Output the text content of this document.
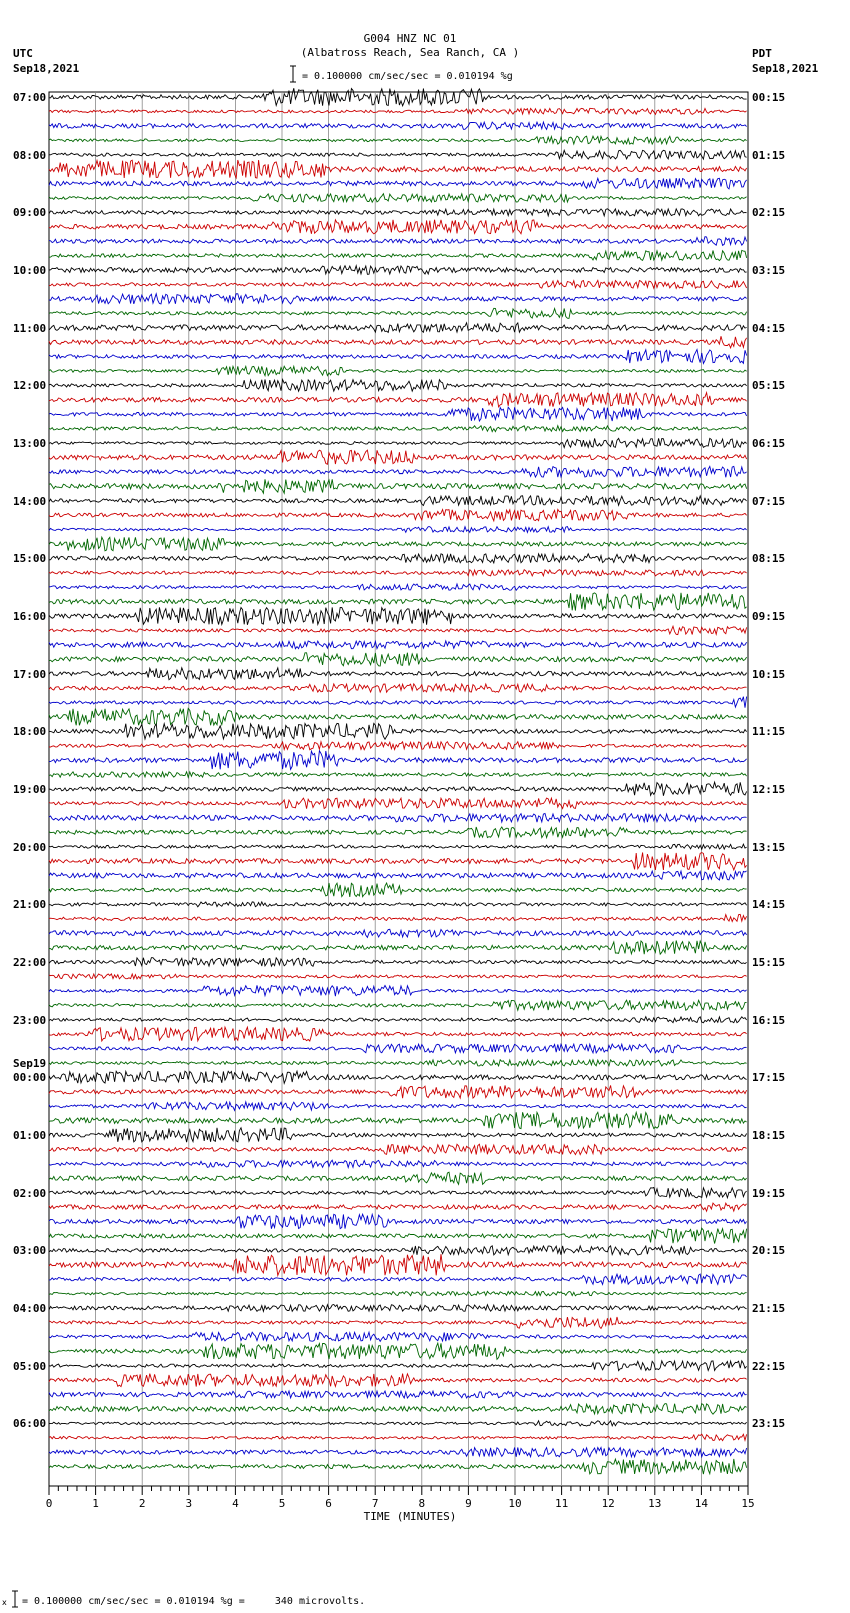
0	1	2	3	4	5	6	7	8	9	10	11	12	13	14	15
G004 HNZ NC 01
(Albatross Reach, Sea Ranch, CA )
UTC
Sep18,2021
PDT
Sep18,2021
= 0.100000 cm/sec/sec = 0.010194 %g
07:00
08:00
09:00
10:00
11:00
12:00
13:00
14:00
15:00
16:00
17:00
18:00
19:00
20:00
21:00
22:00
23:00
00:00
Sep19
01:00
02:00
03:00
04:00
05:00
06:00
00:15
01:15
02:15
03:15
04:15
05:15
06:15
07:15
08:15
09:15
10:15
11:15
12:15
13:15
14:15
15:15
16:15
17:15
18:15
19:15
20:15
21:15
22:15
23:15
TIME (MINUTES)
x = 0.100000 cm/sec/sec = 0.010194 %g =     340 microvolts.
